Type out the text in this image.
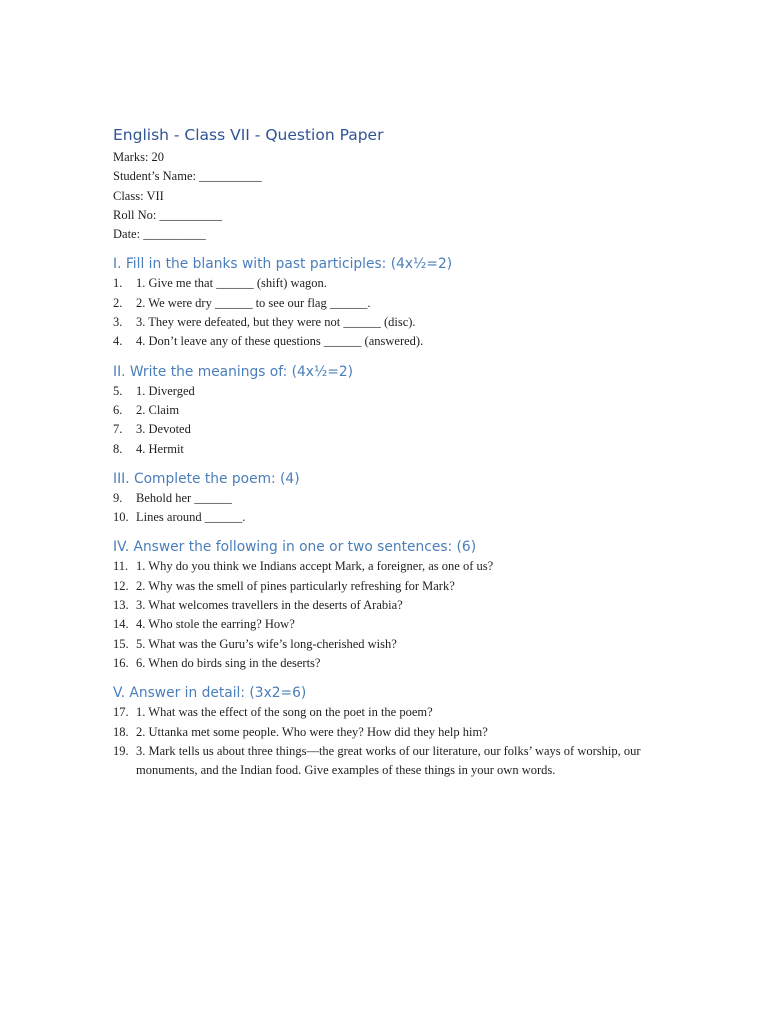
English - Class VII - Question Paper

Marks: 20

Student’s Name: __________

Class: VII

Roll No: __________

Date: __________

I. Fill in the blanks with past participles: (4x½=2)
1.	1. Give me that ______ (shift) wagon.
2.	2. We were dry ______ to see our flag ______.
3.	3. They were defeated, but they were not ______ (disc).
4.	4. Don’t leave any of these questions ______ (answered).
II. Write the meanings of: (4x½=2)
5.	1. Diverged
6.	2. Claim
7.	3. Devoted
8.	4. Hermit
III. Complete the poem: (4)
9.	Behold her ______
10. Lines around ______.
IV. Answer the following in one or two sentences: (6)
11. 1. Why do you think we Indians accept Mark, a foreigner, as one of us?
12. 2. Why was the smell of pines particularly refreshing for Mark?
13. 3. What welcomes travellers in the deserts of Arabia?
14. 4. Who stole the earring? How?
15. 5. What was the Guru’s wife’s long-cherished wish?
16. 6. When do birds sing in the deserts?
V. Answer in detail: (3x2=6)
17. 1. What was the effect of the song on the poet in the poem?
18. 2. Uttanka met some people. Who were they? How did they help him?
19. 3. Mark tells us about three things—the great works of our literature, our folks’ ways of worship, our monuments, and the Indian food. Give examples of these things in your own words.
